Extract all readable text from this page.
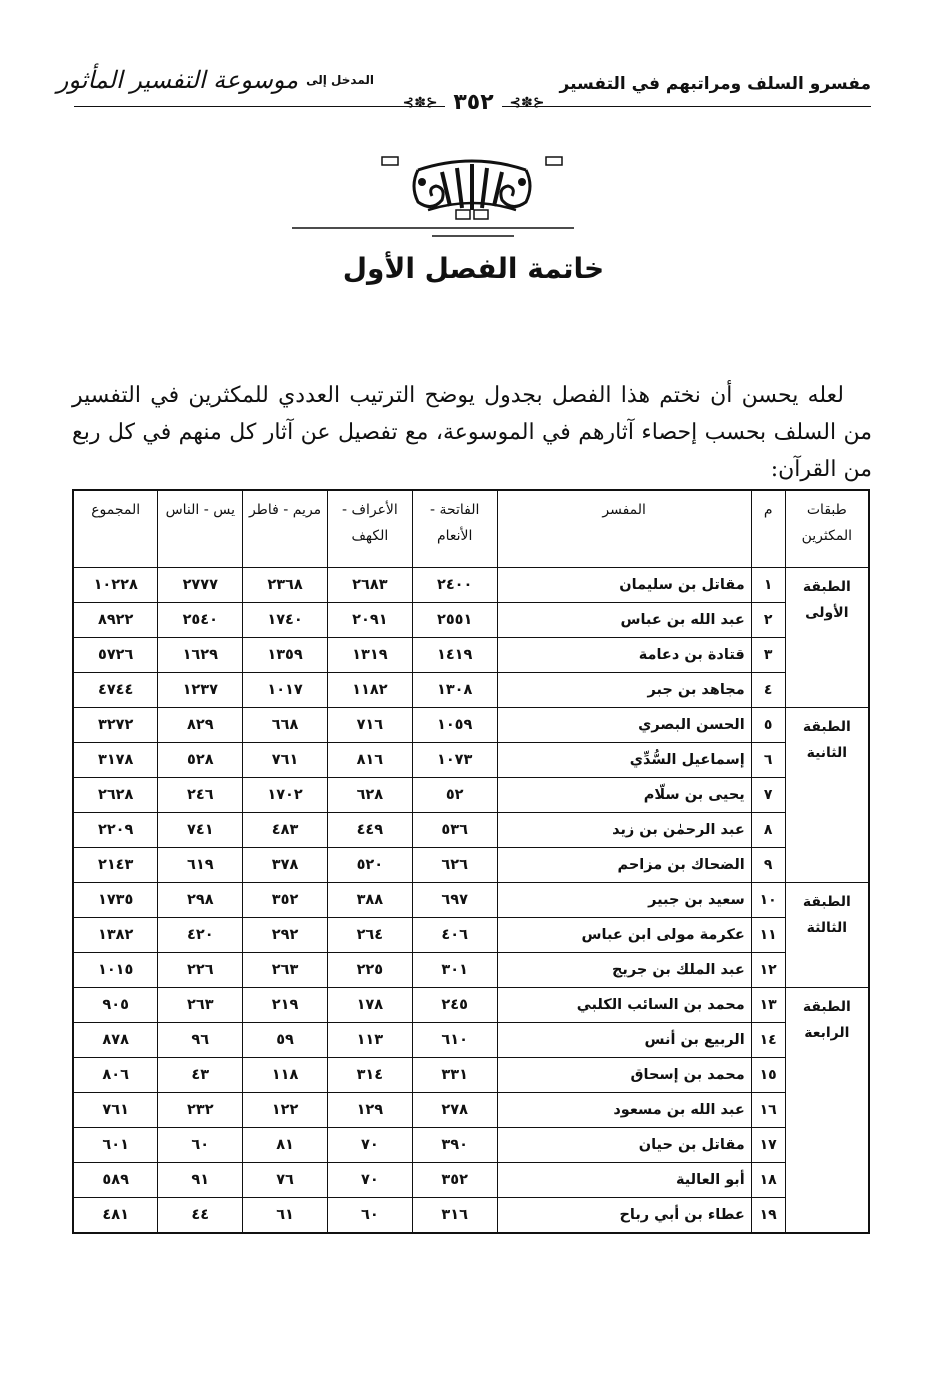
مفسرو السلف ومراتبهم في التفسير
المدخل إلى
موسوعة التفسير المأثور
⊰✽⊱ ٣٥٢ ⊰✽⊱
خاتمة الفصل الأول

لعله يحسن أن نختم هذا الفصل بجدول يوضح الترتيب العددي للمكثرين في التفسير من السلف بحسب إحصاء آثارهم في الموسوعة، مع تفصيل عن آثار كل منهم في كل ربع من القرآن:

طبقات المكثرين	م	المفسر	الفاتحة - الأنعام	الأعراف - الكهف	مريم - فاطر	يس - الناس	المجموع
الطبقة الأولى	١	مقاتل بن سليمان	٢٤٠٠	٢٦٨٣	٢٣٦٨	٢٧٧٧	١٠٢٢٨
	٢	عبد الله بن عباس	٢٥٥١	٢٠٩١	١٧٤٠	٢٥٤٠	٨٩٢٢
	٣	قتادة بن دعامة	١٤١٩	١٣١٩	١٣٥٩	١٦٢٩	٥٧٢٦
	٤	مجاهد بن جبر	١٣٠٨	١١٨٢	١٠١٧	١٢٣٧	٤٧٤٤
الطبقة الثانية	٥	الحسن البصري	١٠٥٩	٧١٦	٦٦٨	٨٢٩	٣٢٧٢
	٦	إسماعيل السُّدِّي	١٠٧٣	٨١٦	٧٦١	٥٢٨	٣١٧٨
	٧	يحيى بن سلّام	٥٢	٦٢٨	١٧٠٢	٢٤٦	٢٦٢٨
	٨	عبد الرحمٰن بن زيد	٥٣٦	٤٤٩	٤٨٣	٧٤١	٢٢٠٩
	٩	الضحاك بن مزاحم	٦٢٦	٥٢٠	٣٧٨	٦١٩	٢١٤٣
الطبقة الثالثة	١٠	سعيد بن جبير	٦٩٧	٣٨٨	٣٥٢	٢٩٨	١٧٣٥
	١١	عكرمة مولى ابن عباس	٤٠٦	٢٦٤	٢٩٢	٤٢٠	١٣٨٢
	١٢	عبد الملك بن جريج	٣٠١	٢٢٥	٢٦٣	٢٢٦	١٠١٥
الطبقة الرابعة	١٣	محمد بن السائب الكلبي	٢٤٥	١٧٨	٢١٩	٢٦٣	٩٠٥
	١٤	الربيع بن أنس	٦١٠	١١٣	٥٩	٩٦	٨٧٨
	١٥	محمد بن إسحاق	٣٣١	٣١٤	١١٨	٤٣	٨٠٦
	١٦	عبد الله بن مسعود	٢٧٨	١٢٩	١٢٢	٢٣٢	٧٦١
	١٧	مقاتل بن حيان	٣٩٠	٧٠	٨١	٦٠	٦٠١
	١٨	أبو العالية	٣٥٢	٧٠	٧٦	٩١	٥٨٩
	١٩	عطاء بن أبي رباح	٣١٦	٦٠	٦١	٤٤	٤٨١
